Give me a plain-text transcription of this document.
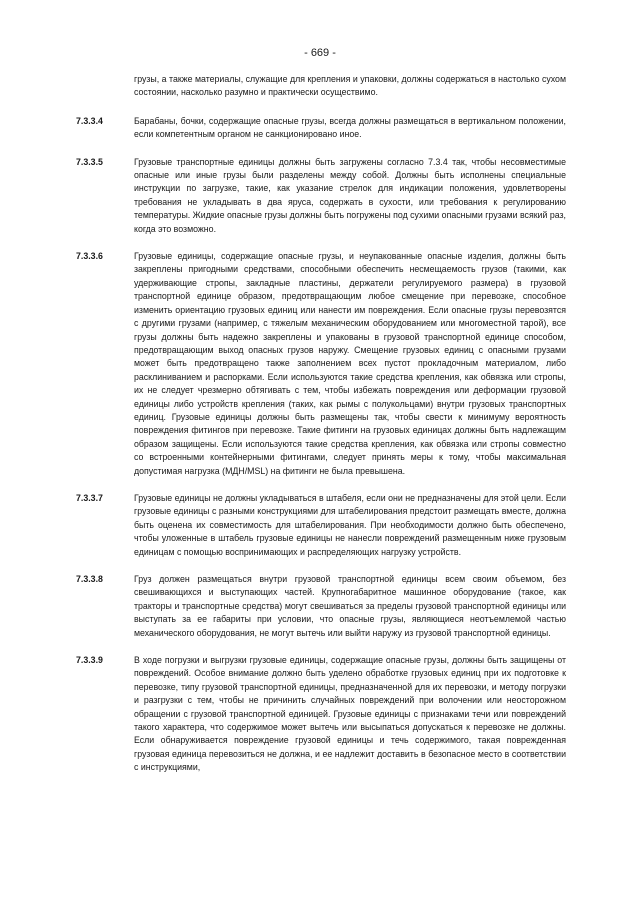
- 669 -
грузы, а также материалы, служащие для крепления и упаковки, должны содержаться в настолько сухом состоянии, насколько разумно и практически осуществимо.
7.3.3.4	Барабаны, бочки, содержащие опасные грузы, всегда должны размещаться в вертикальном положении, если компетентным органом не санкционировано иное.
7.3.3.5	Грузовые транспортные единицы должны быть загружены согласно 7.3.4 так, чтобы несовместимые опасные или иные грузы были разделены между собой. Должны быть исполнены специальные инструкции по загрузке, такие, как указание стрелок для индикации положения, удовлетворены требования не укладывать в два яруса, содержать в сухости, или требования к регулированию температуры. Жидкие опасные грузы должны быть погружены под сухими опасными грузами всякий раз, когда это возможно.
7.3.3.6	Грузовые единицы, содержащие опасные грузы, и неупакованные опасные изделия, должны быть закреплены пригодными средствами, способными обеспечить несмещаемость грузов (такими, как удерживающие стропы, закладные пластины, держатели регулируемого размера) в грузовой транспортной единице образом, предотвращающим любое смещение при перевозке, способное изменить ориентацию грузовых единиц или нанести им повреждения. Если опасные грузы перевозятся с другими грузами (например, с тяжелым механическим оборудованием или многоместной тарой), все грузы должны быть надежно закреплены и упакованы в грузовой транспортной единице способом, предотвращающим выход опасных грузов наружу. Смещение грузовых единиц с опасными грузами может быть предотвращено также заполнением всех пустот прокладочным материалом, либо расклиниванием и распорками. Если используются такие средства крепления, как обвязка или стропы, их не следует чрезмерно обтягивать с тем, чтобы избежать повреждения или деформации грузовой единицы либо устройств крепления (таких, как рымы с полукольцами) внутри грузовых транспортных единиц. Грузовые единицы должны быть размещены так, чтобы свести к минимуму вероятность повреждения фитингов при перевозке. Такие фитинги на грузовых единицах должны быть надлежащим образом защищены. Если используются такие средства крепления, как обвязка или стропы совместно со встроенными контейнерными фитингами, следует принять меры к тому, чтобы максимальная допустимая нагрузка (МДН/MSL) на фитинги не была превышена.
7.3.3.7	Грузовые единицы не должны укладываться в штабеля, если они не предназначены для этой цели. Если грузовые единицы с разными конструкциями для штабелирования предстоит размещать вместе, должна быть оценена их совместимость для штабелирования. При необходимости должно быть обеспечено, чтобы уложенные в штабель грузовые единицы не нанесли повреждений размещенным ниже грузовым единицам с помощью воспринимающих и распределяющих нагрузку устройств.
7.3.3.8	Груз должен размещаться внутри грузовой транспортной единицы всем своим объемом, без свешивающихся и выступающих частей. Крупногабаритное машинное оборудование (такое, как тракторы и транспортные средства) могут свешиваться за пределы грузовой транспортной единицы или выступать за ее габариты при условии, что опасные грузы, являющиеся неотъемлемой частью механического оборудования, не могут вытечь или выйти наружу из грузовой транспортной единицы.
7.3.3.9	В ходе погрузки и выгрузки грузовые единицы, содержащие опасные грузы, должны быть защищены от повреждений. Особое внимание должно быть уделено обработке грузовых единиц при их подготовке к перевозке, типу грузовой транспортной единицы, предназначенной для их перевозки, и методу погрузки и разгрузки с тем, чтобы не причинить случайных повреждений при волочении или неосторожном обращении с грузовой транспортной единицей. Грузовые единицы с признаками течи или повреждений такого характера, что содержимое может вытечь или высыпаться допускаться к перевозке не должны. Если обнаруживается повреждение грузовой единицы и течь содержимого, такая поврежденная грузовая единица перевозиться не должна, и ее надлежит доставить в безопасное место в соответствии с инструкциями,
